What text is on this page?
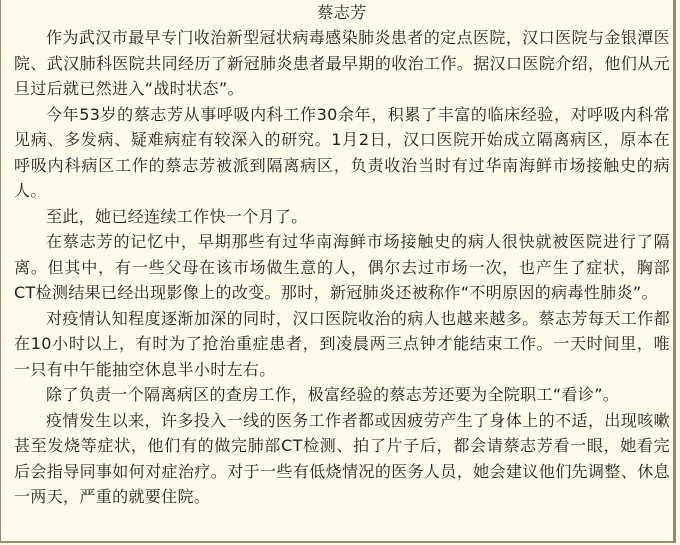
蔡志芳

作为武汉市最早专门收治新型冠状病毒感染肺炎患者的定点医院，汉口医院与金银潭医院、武汉肺科医院共同经历了新冠肺炎患者最早期的收治工作。据汉口医院介绍，他们从元旦过后就已然进入“战时状态”。

今年53岁的蔡志芳从事呼吸内科工作30余年，积累了丰富的临床经验，对呼吸内科常见病、多发病、疑难病症有较深入的研究。1月2日，汉口医院开始成立隔离病区，原本在呼吸内科病区工作的蔡志芳被派到隔离病区，负责收治当时有过华南海鲜市场接触史的病人。

至此，她已经连续工作快一个月了。

在蔡志芳的记忆中，早期那些有过华南海鲜市场接触史的病人很快就被医院进行了隔离。但其中，有一些父母在该市场做生意的人，偶尔去过市场一次，也产生了症状，胸部CT检测结果已经出现影像上的改变。那时，新冠肺炎还被称作“不明原因的病毒性肺炎”。

对疫情认知程度逐渐加深的同时，汉口医院收治的病人也越来越多。蔡志芳每天工作都在10小时以上，有时为了抢治重症患者，到凌晨两三点钟才能结束工作。一天时间里，唯一只有中午能抽空休息半小时左右。

除了负责一个隔离病区的查房工作，极富经验的蔡志芳还要为全院职工“看诊”。

疫情发生以来，许多投入一线的医务工作者都或因疲劳产生了身体上的不适，出现咳嗽甚至发烧等症状，他们有的做完肺部CT检测、拍了片子后，都会请蔡志芳看一眼，她看完后会指导同事如何对症治疗。对于一些有低烧情况的医务人员，她会建议他们先调整、休息一两天，严重的就要住院。
